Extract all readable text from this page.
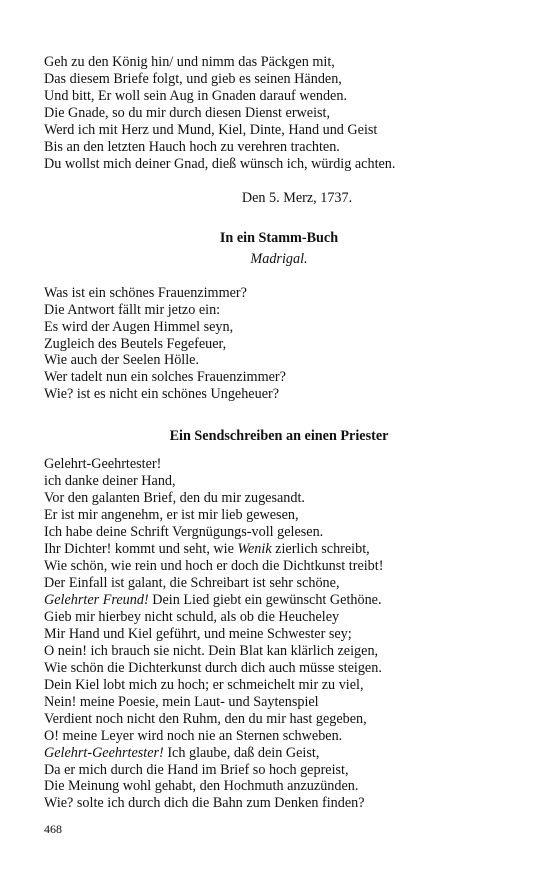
Geh zu den König hin/ und nimm das Päckgen mit,
Das diesem Briefe folgt, und gieb es seinen Händen,
Und bitt, Er woll sein Aug in Gnaden darauf wenden.
Die Gnade, so du mir durch diesen Dienst erweist,
Werd ich mit Herz und Mund, Kiel, Dinte, Hand und Geist
Bis an den letzten Hauch hoch zu verehren trachten.
Du wollst mich deiner Gnad, dieß wünsch ich, würdig achten.
Den 5. Merz, 1737.
In ein Stamm-Buch
Madrigal.
Was ist ein schönes Frauenzimmer?
Die Antwort fällt mir jetzo ein:
Es wird der Augen Himmel seyn,
Zugleich des Beutels Fegefeuer,
Wie auch der Seelen Hölle.
Wer tadelt nun ein solches Frauenzimmer?
Wie? ist es nicht ein schönes Ungeheuer?
Ein Sendschreiben an einen Priester
Gelehrt-Geehrtester!
ich danke deiner Hand,
Vor den galanten Brief, den du mir zugesandt.
Er ist mir angenehm, er ist mir lieb gewesen,
Ich habe deine Schrift Vergnügungs-voll gelesen.
Ihr Dichter! kommt und seht, wie Wenik zierlich schreibt,
Wie schön, wie rein und hoch er doch die Dichtkunst treibt!
Der Einfall ist galant, die Schreibart ist sehr schöne,
Gelehrter Freund! Dein Lied giebt ein gewünscht Gethöne.
Gieb mir hierbey nicht schuld, als ob die Heucheley
Mir Hand und Kiel geführt, und meine Schwester sey;
O nein! ich brauch sie nicht. Dein Blat kan klärlich zeigen,
Wie schön die Dichterkunst durch dich auch müsse steigen.
Dein Kiel lobt mich zu hoch; er schmeichelt mir zu viel,
Nein! meine Poesie, mein Laut- und Saytenspiel
Verdient noch nicht den Ruhm, den du mir hast gegeben,
O! meine Leyer wird noch nie an Sternen schweben.
Gelehrt-Geehrtester! Ich glaube, daß dein Geist,
Da er mich durch die Hand im Brief so hoch gepreist,
Die Meinung wohl gehabt, den Hochmuth anzuzünden.
Wie? solte ich durch dich die Bahn zum Denken finden?
468
